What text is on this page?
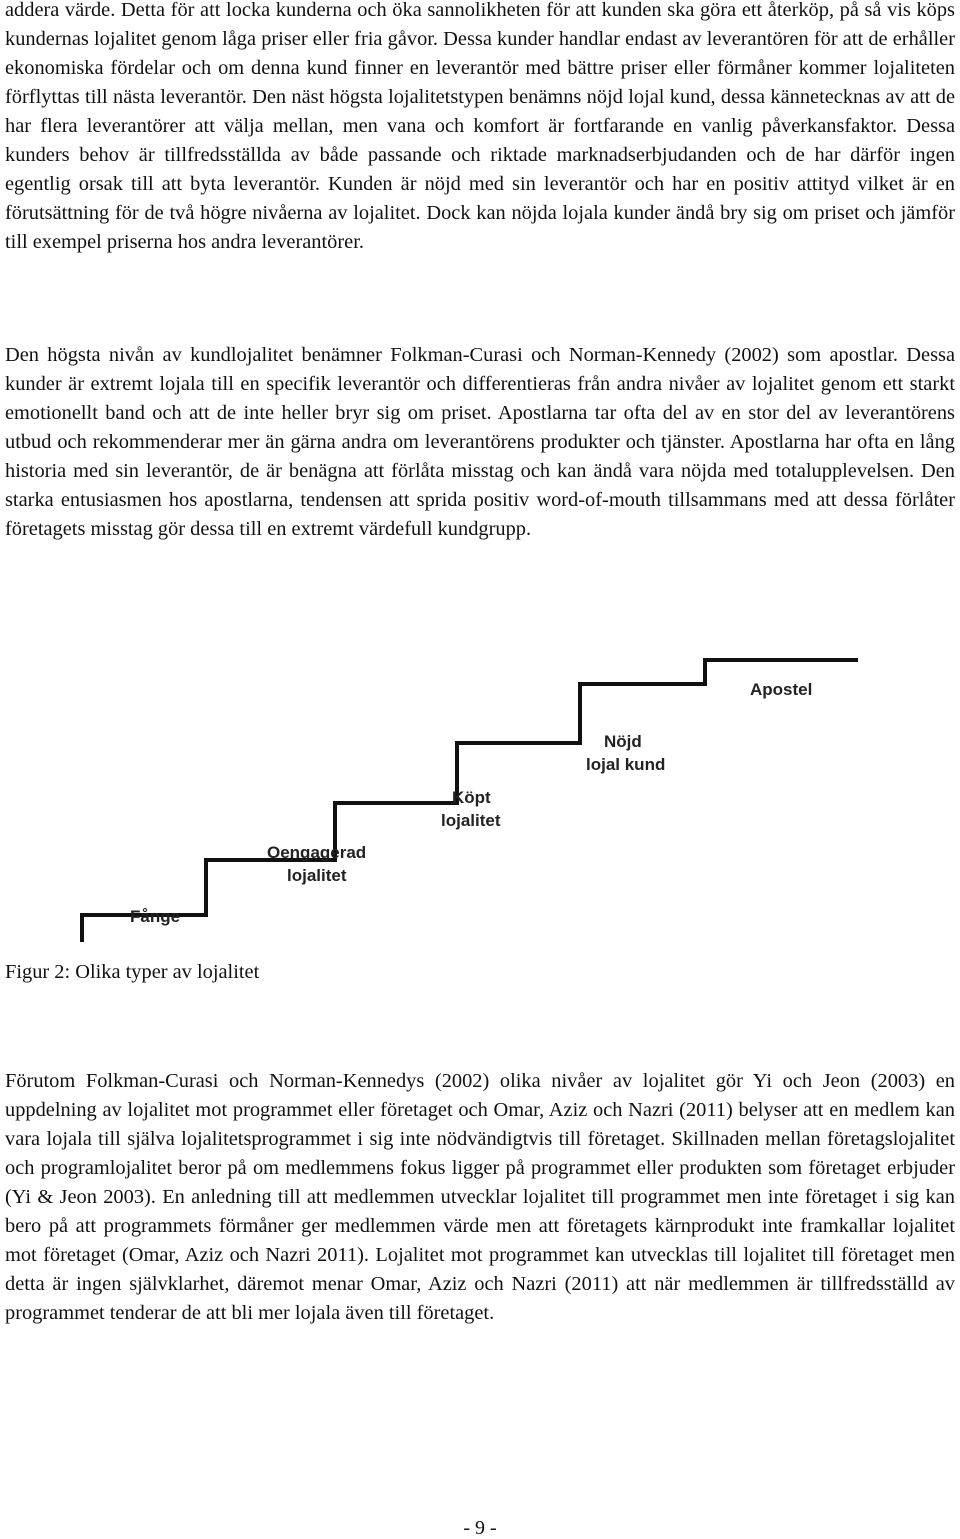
addera värde. Detta för att locka kunderna och öka sannolikheten för att kunden ska göra ett återköp, på så vis köps kundernas lojalitet genom låga priser eller fria gåvor. Dessa kunder handlar endast av leverantören för att de erhåller ekonomiska fördelar och om denna kund finner en leverantör med bättre priser eller förmåner kommer lojaliteten förflyttas till nästa leverantör. Den näst högsta lojalitetstypen benämns nöjd lojal kund, dessa kännetecknas av att de har flera leverantörer att välja mellan, men vana och komfort är fortfarande en vanlig påverkansfaktor. Dessa kunders behov är tillfredsställda av både passande och riktade marknadserbjudanden och de har därför ingen egentlig orsak till att byta leverantör. Kunden är nöjd med sin leverantör och har en positiv attityd vilket är en förutsättning för de två högre nivåerna av lojalitet. Dock kan nöjda lojala kunder ändå bry sig om priset och jämför till exempel priserna hos andra leverantörer.

Den högsta nivån av kundlojalitet benämner Folkman-Curasi och Norman-Kennedy (2002) som apostlar. Dessa kunder är extremt lojala till en specifik leverantör och differentieras från andra nivåer av lojalitet genom ett starkt emotionellt band och att de inte heller bryr sig om priset. Apostlarna tar ofta del av en stor del av leverantörens utbud och rekommenderar mer än gärna andra om leverantörens produkter och tjänster. Apostlarna har ofta en lång historia med sin leverantör, de är benägna att förlåta misstag och kan ändå vara nöjda med totalupplevelsen. Den starka entusiasmen hos apostlarna, tendensen att sprida positiv word-of-mouth tillsammans med att dessa förlåter företagets misstag gör dessa till en extremt värdefull kundgrupp.

Fånge
Oengagerad
lojalitet
Köpt
lojalitet
Nöjd
lojal kund
Apostel

Figur 2: Olika typer av lojalitet

Förutom Folkman-Curasi och Norman-Kennedys (2002) olika nivåer av lojalitet gör Yi och Jeon (2003) en uppdelning av lojalitet mot programmet eller företaget och Omar, Aziz och Nazri (2011) belyser att en medlem kan vara lojala till själva lojalitetsprogrammet i sig inte nödvändigtvis till företaget. Skillnaden mellan företagslojalitet och programlojalitet beror på om medlemmens fokus ligger på programmet eller produkten som företaget erbjuder (Yi & Jeon 2003). En anledning till att medlemmen utvecklar lojalitet till programmet men inte företaget i sig kan bero på att programmets förmåner ger medlemmen värde men att företagets kärnprodukt inte framkallar lojalitet mot företaget (Omar, Aziz och Nazri 2011). Lojalitet mot programmet kan utvecklas till lojalitet till företaget men detta är ingen självklarhet, däremot menar Omar, Aziz och Nazri (2011) att när medlemmen är tillfredsställd av programmet tenderar de att bli mer lojala även till företaget.

- 9 -
